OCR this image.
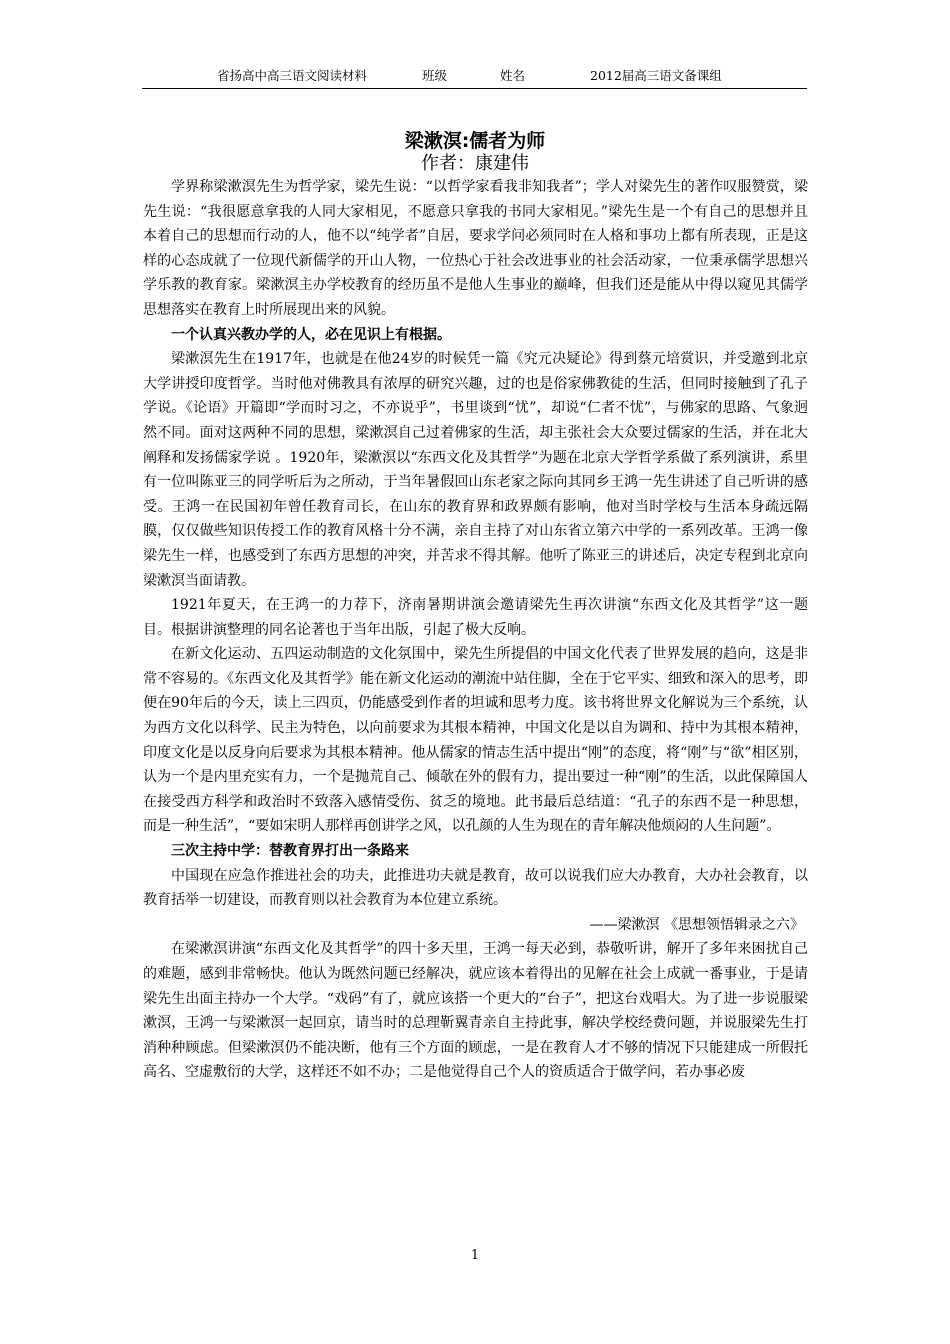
省扬高中高三语文阅读材料	班级	姓名	2012届高三语文备课组
梁漱溟:儒者为师
作者：康建伟

学界称梁漱溟先生为哲学家，梁先生说：“以哲学家看我非知我者”；学人对梁先生的著作叹服赞赏，梁先生说：“我很愿意拿我的人同大家相见，不愿意只拿我的书同大家相见。”梁先生是一个有自己的思想并且本着自己的思想而行动的人，他不以“纯学者”自居，要求学问必须同时在人格和事功上都有所表现，正是这样的心态成就了一位现代新儒学的开山人物，一位热心于社会改进事业的社会活动家，一位秉承儒学思想兴学乐教的教育家。梁漱溟主办学校教育的经历虽不是他人生事业的巅峰，但我们还是能从中得以窥见其儒学思想落实在教育上时所展现出来的风貌。

一个认真兴教办学的人，必在见识上有根据。

梁漱溟先生在1917年，也就是在他24岁的时候凭一篇《究元决疑论》得到蔡元培赏识，并受邀到北京大学讲授印度哲学。当时他对佛教具有浓厚的研究兴趣，过的也是俗家佛教徒的生活，但同时接触到了孔子学说。《论语》开篇即“学而时习之，不亦说乎”，书里谈到“忧”，却说“仁者不忧”，与佛家的思路、气象迥然不同。面对这两种不同的思想，梁漱溟自己过着佛家的生活，却主张社会大众要过儒家的生活，并在北大阐释和发扬儒家学说 。1920年，梁漱溟以“东西文化及其哲学”为题在北京大学哲学系做了系列演讲，系里有一位叫陈亚三的同学听后为之所动，于当年暑假回山东老家之际向其同乡王鸿一先生讲述了自己听讲的感受。王鸿一在民国初年曾任教育司长，在山东的教育界和政界颇有影响，他对当时学校与生活本身疏远隔膜，仅仅做些知识传授工作的教育风格十分不满，亲自主持了对山东省立第六中学的一系列改革。王鸿一像梁先生一样，也感受到了东西方思想的冲突，并苦求不得其解。他听了陈亚三的讲述后，决定专程到北京向梁漱溟当面请教。

1921年夏天，在王鸿一的力荐下，济南暑期讲演会邀请梁先生再次讲演“东西文化及其哲学”这一题目。根据讲演整理的同名论著也于当年出版，引起了极大反响。

在新文化运动、五四运动制造的文化氛围中，梁先生所提倡的中国文化代表了世界发展的趋向，这是非常不容易的。《东西文化及其哲学》能在新文化运动的潮流中站住脚，全在于它平实、细致和深入的思考，即便在90年后的今天，读上三四页，仍能感受到作者的坦诚和思考力度。该书将世界文化解说为三个系统，认为西方文化以科学、民主为特色，以向前要求为其根本精神，中国文化是以自为调和、持中为其根本精神，印度文化是以反身向后要求为其根本精神。他从儒家的情志生活中提出“刚”的态度，将“刚”与“欲”相区别，认为一个是内里充实有力，一个是抛荒自己、倾欹在外的假有力，提出要过一种“刚”的生活，以此保障国人在接受西方科学和政治时不致落入感情受伤、贫乏的境地。此书最后总结道：“孔子的东西不是一种思想，而是一种生活”，“要如宋明人那样再创讲学之风，以孔颜的人生为现在的青年解决他烦闷的人生问题”。

三次主持中学：替教育界打出一条路来

中国现在应急作推进社会的功夫，此推进功夫就是教育，故可以说我们应大办教育，大办社会教育，以教育括举一切建设，而教育则以社会教育为本位建立系统。

——梁漱溟 《思想领悟辑录之六》

在梁漱溟讲演“东西文化及其哲学”的四十多天里，王鸿一每天必到，恭敬听讲，解开了多年来困扰自己的难题，感到非常畅快。他认为既然问题已经解决，就应该本着得出的见解在社会上成就一番事业，于是请梁先生出面主持办一个大学。“戏码”有了，就应该搭一个更大的“台子”，把这台戏唱大。为了进一步说服梁漱溟，王鸿一与梁漱溟一起回京，请当时的总理靳翼青亲自主持此事，解决学校经费问题，并说服梁先生打消种种顾虑。但梁漱溟仍不能决断，他有三个方面的顾虑，一是在教育人才不够的情况下只能建成一所假托高名、空虚敷衍的大学，这样还不如不办；二是他觉得自己个人的资质适合于做学问，若办事必废

1
